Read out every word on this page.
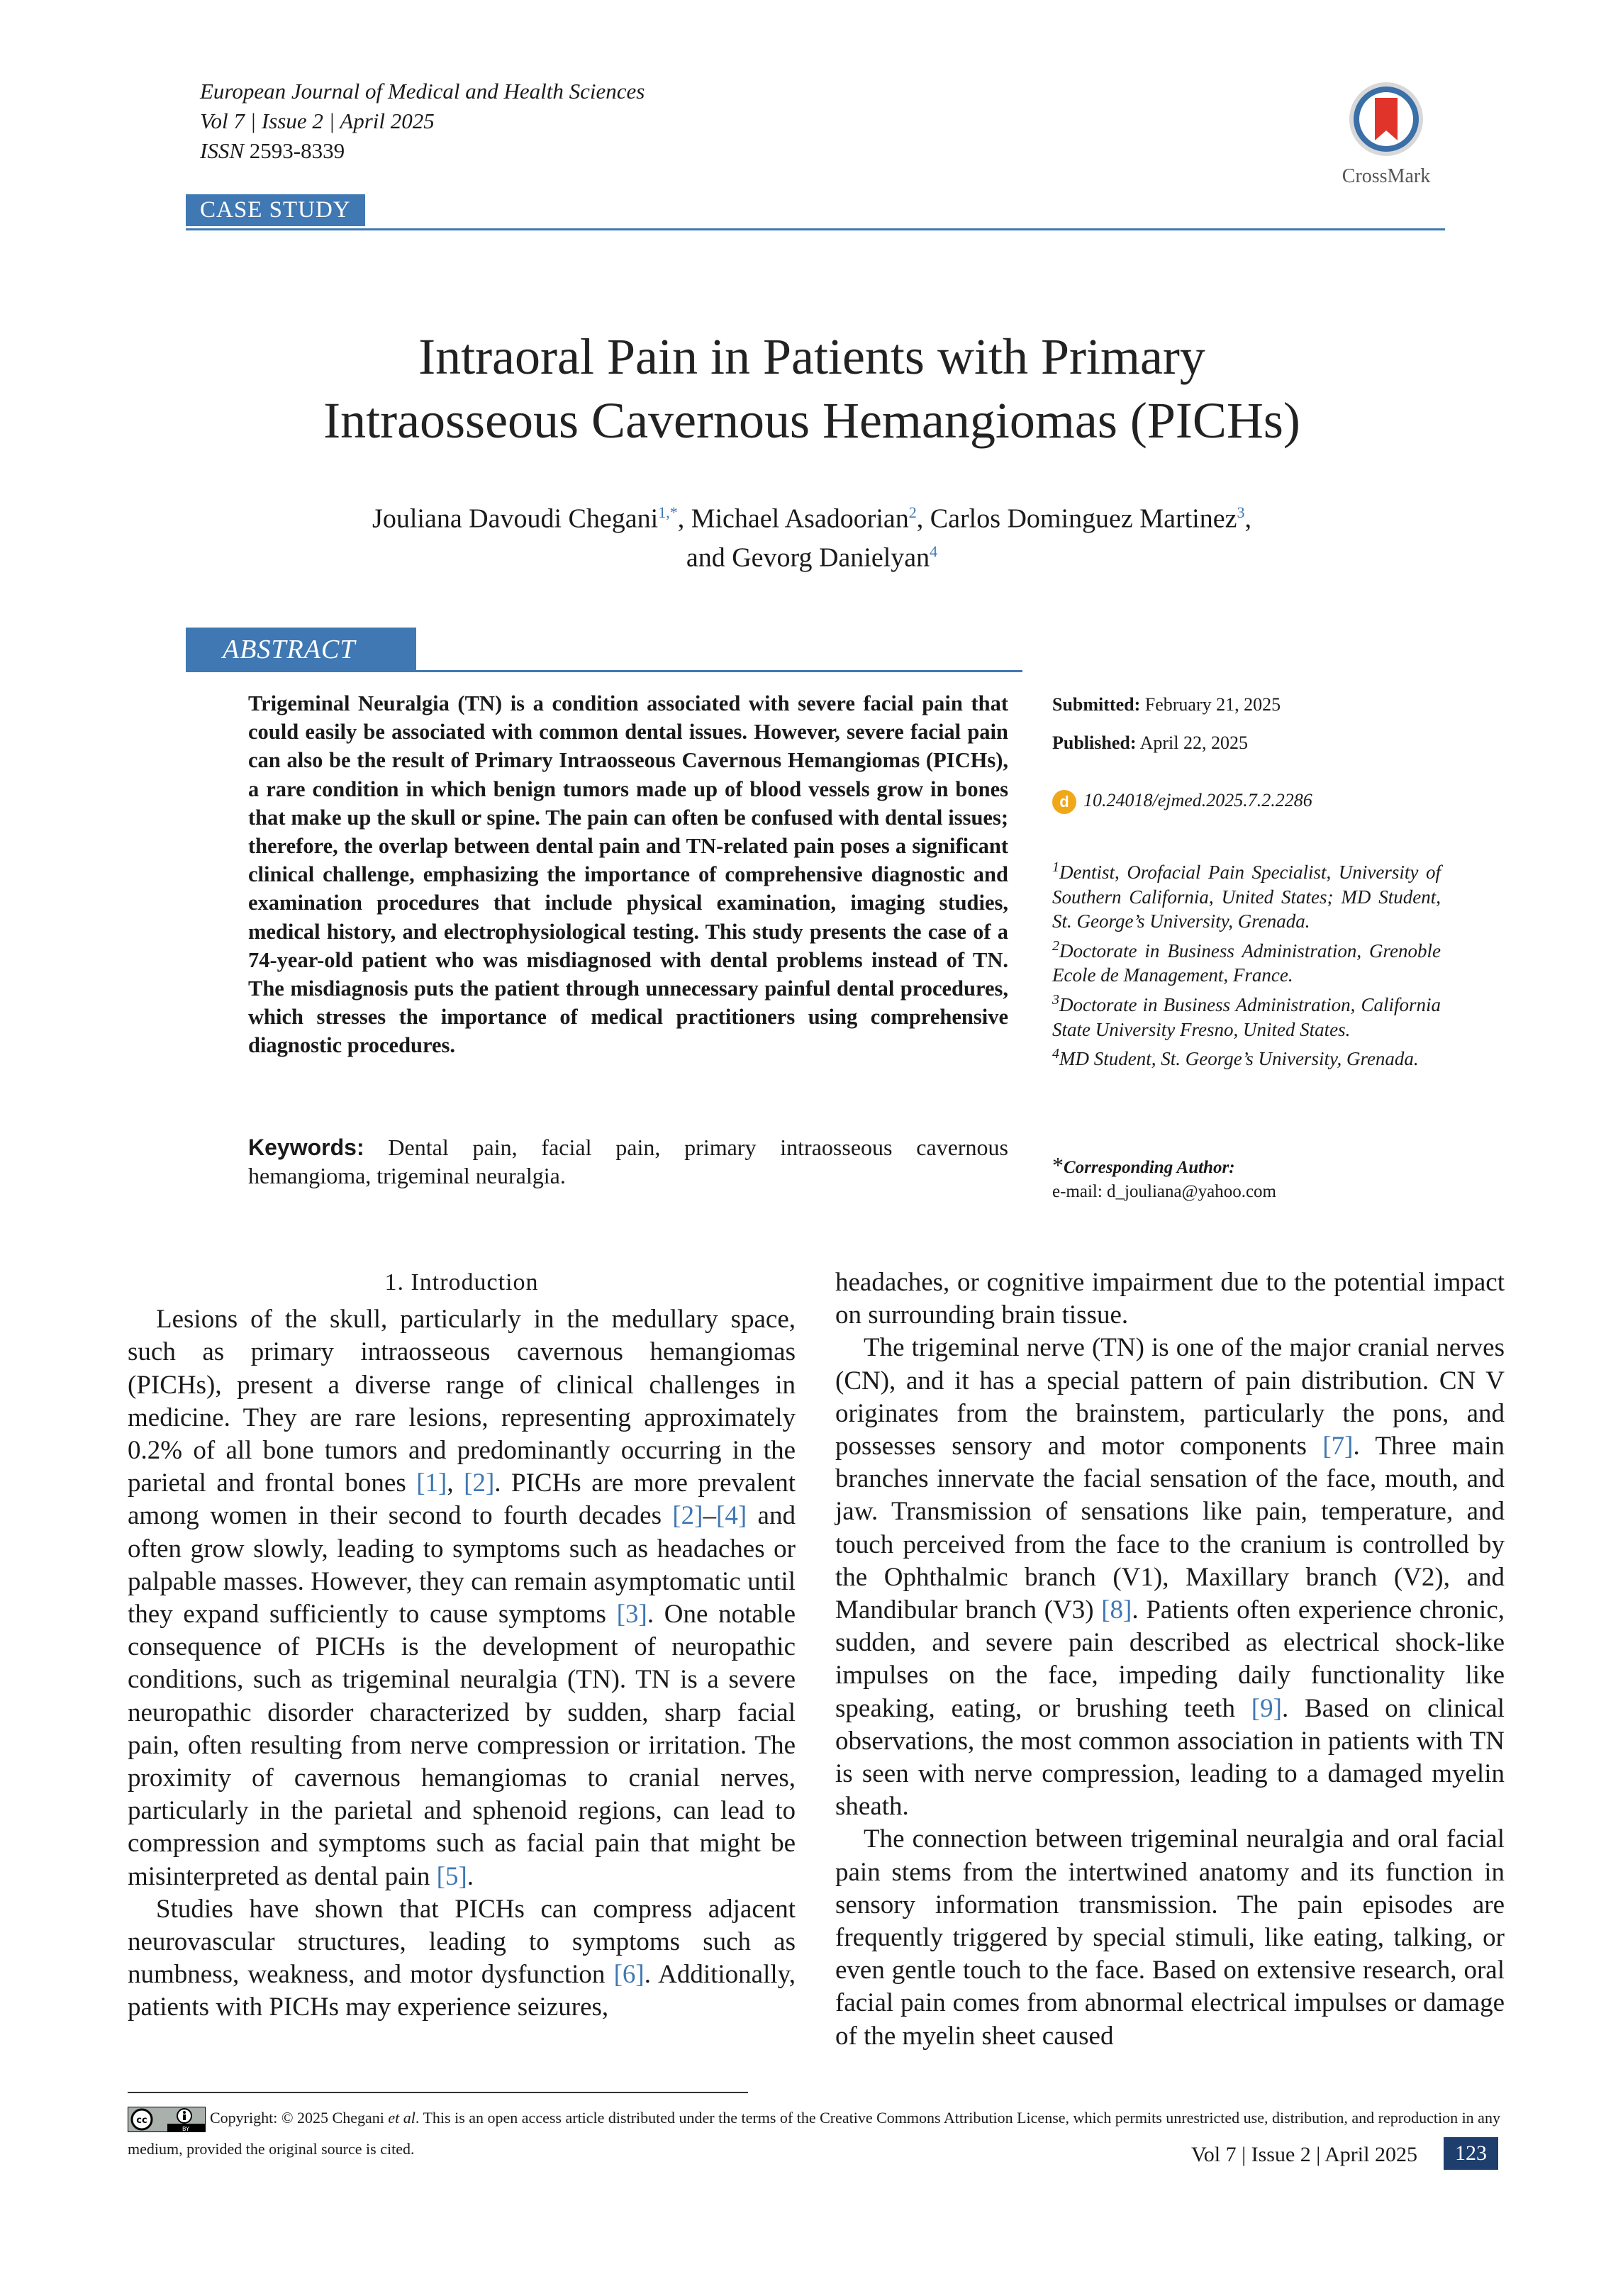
European Journal of Medical and Health Sciences
Vol 7 | Issue 2 | April 2025
ISSN 2593-8339
CrossMark
CASE STUDY
Intraoral Pain in Patients with Primary
Intraosseous Cavernous Hemangiomas (PICHs)
Jouliana Davoudi Chegani$^{1,*}$, Michael Asadoorian$^2$, Carlos Dominguez Martinez$^3$,
and Gevorg Danielyan$^4$
ABSTRACT
Trigeminal Neuralgia (TN) is a condition associated with severe facial pain that could easily be associated with common dental issues. However, severe facial pain can also be the result of Primary Intraosseous Cavernous Hemangiomas (PICHs), a rare condition in which benign tumors made up of blood vessels grow in bones that make up the skull or spine. The pain can often be confused with dental issues; therefore, the overlap between dental pain and TN-related pain poses a significant clinical challenge, emphasizing the importance of comprehensive diagnostic and examination procedures that include physical examination, imaging studies, medical history, and electrophysiological testing. This study presents the case of a 74-year-old patient who was misdiagnosed with dental problems instead of TN. The misdiagnosis puts the patient through unnecessary painful dental procedures, which stresses the importance of medical practitioners using comprehensive diagnostic procedures.
Keywords: Dental pain, facial pain, primary intraosseous cavernous hemangioma, trigeminal neuralgia.
Submitted: February 21, 2025
Published: April 22, 2025
d 10.24018/ejmed.2025.7.2.2286
$^1$Dentist, Orofacial Pain Specialist, University of Southern California, United States; MD Student, St. George’s University, Grenada.
$^2$Doctorate in Business Administration, Grenoble Ecole de Management, France.
$^3$Doctorate in Business Administration, California State University Fresno, United States.
$^4$MD Student, St. George’s University, Grenada.
*Corresponding Author:
e-mail: d_jouliana@yahoo.com
1. Introduction

Lesions of the skull, particularly in the medullary space, such as primary intraosseous cavernous hemangiomas (PICHs), present a diverse range of clinical challenges in medicine. They are rare lesions, representing approximately 0.2% of all bone tumors and predominantly occurring in the parietal and frontal bones [1], [2]. PICHs are more prevalent among women in their second to fourth decades [2]–[4] and often grow slowly, leading to symptoms such as headaches or palpable masses. However, they can remain asymptomatic until they expand sufficiently to cause symptoms [3]. One notable consequence of PICHs is the development of neuropathic conditions, such as trigeminal neuralgia (TN). TN is a severe neuropathic disorder characterized by sudden, sharp facial pain, often resulting from nerve compression or irritation. The proximity of cavernous hemangiomas to cranial nerves, particularly in the parietal and sphenoid regions, can lead to compression and symptoms such as facial pain that might be misinterpreted as dental pain [5].

Studies have shown that PICHs can compress adjacent neurovascular structures, leading to symptoms such as numbness, weakness, and motor dysfunction [6]. Additionally, patients with PICHs may experience seizures,

headaches, or cognitive impairment due to the potential impact on surrounding brain tissue.

The trigeminal nerve (TN) is one of the major cranial nerves (CN), and it has a special pattern of pain distribution. CN V originates from the brainstem, particularly the pons, and possesses sensory and motor components [7]. Three main branches innervate the facial sensation of the face, mouth, and jaw. Transmission of sensations like pain, temperature, and touch perceived from the face to the cranium is controlled by the Ophthalmic branch (V1), Maxillary branch (V2), and Mandibular branch (V3) [8]. Patients often experience chronic, sudden, and severe pain described as electrical shock-like impulses on the face, impeding daily functionality like speaking, eating, or brushing teeth [9]. Based on clinical observations, the most common association in patients with TN is seen with nerve compression, leading to a damaged myelin sheath.

The connection between trigeminal neuralgia and oral facial pain stems from the intertwined anatomy and its function in sensory information transmission. The pain episodes are frequently triggered by special stimuli, like eating, talking, or even gentle touch to the face. Based on extensive research, oral facial pain comes from abnormal electrical impulses or damage of the myelin sheet caused

cc
BY
Copyright: © 2025 Chegani et al. This is an open access article distributed under the terms of the Creative Commons Attribution License, which permits unrestricted use, distribution, and reproduction in any medium, provided the original source is cited.	Vol 7 | Issue 2 | April 2025	123
